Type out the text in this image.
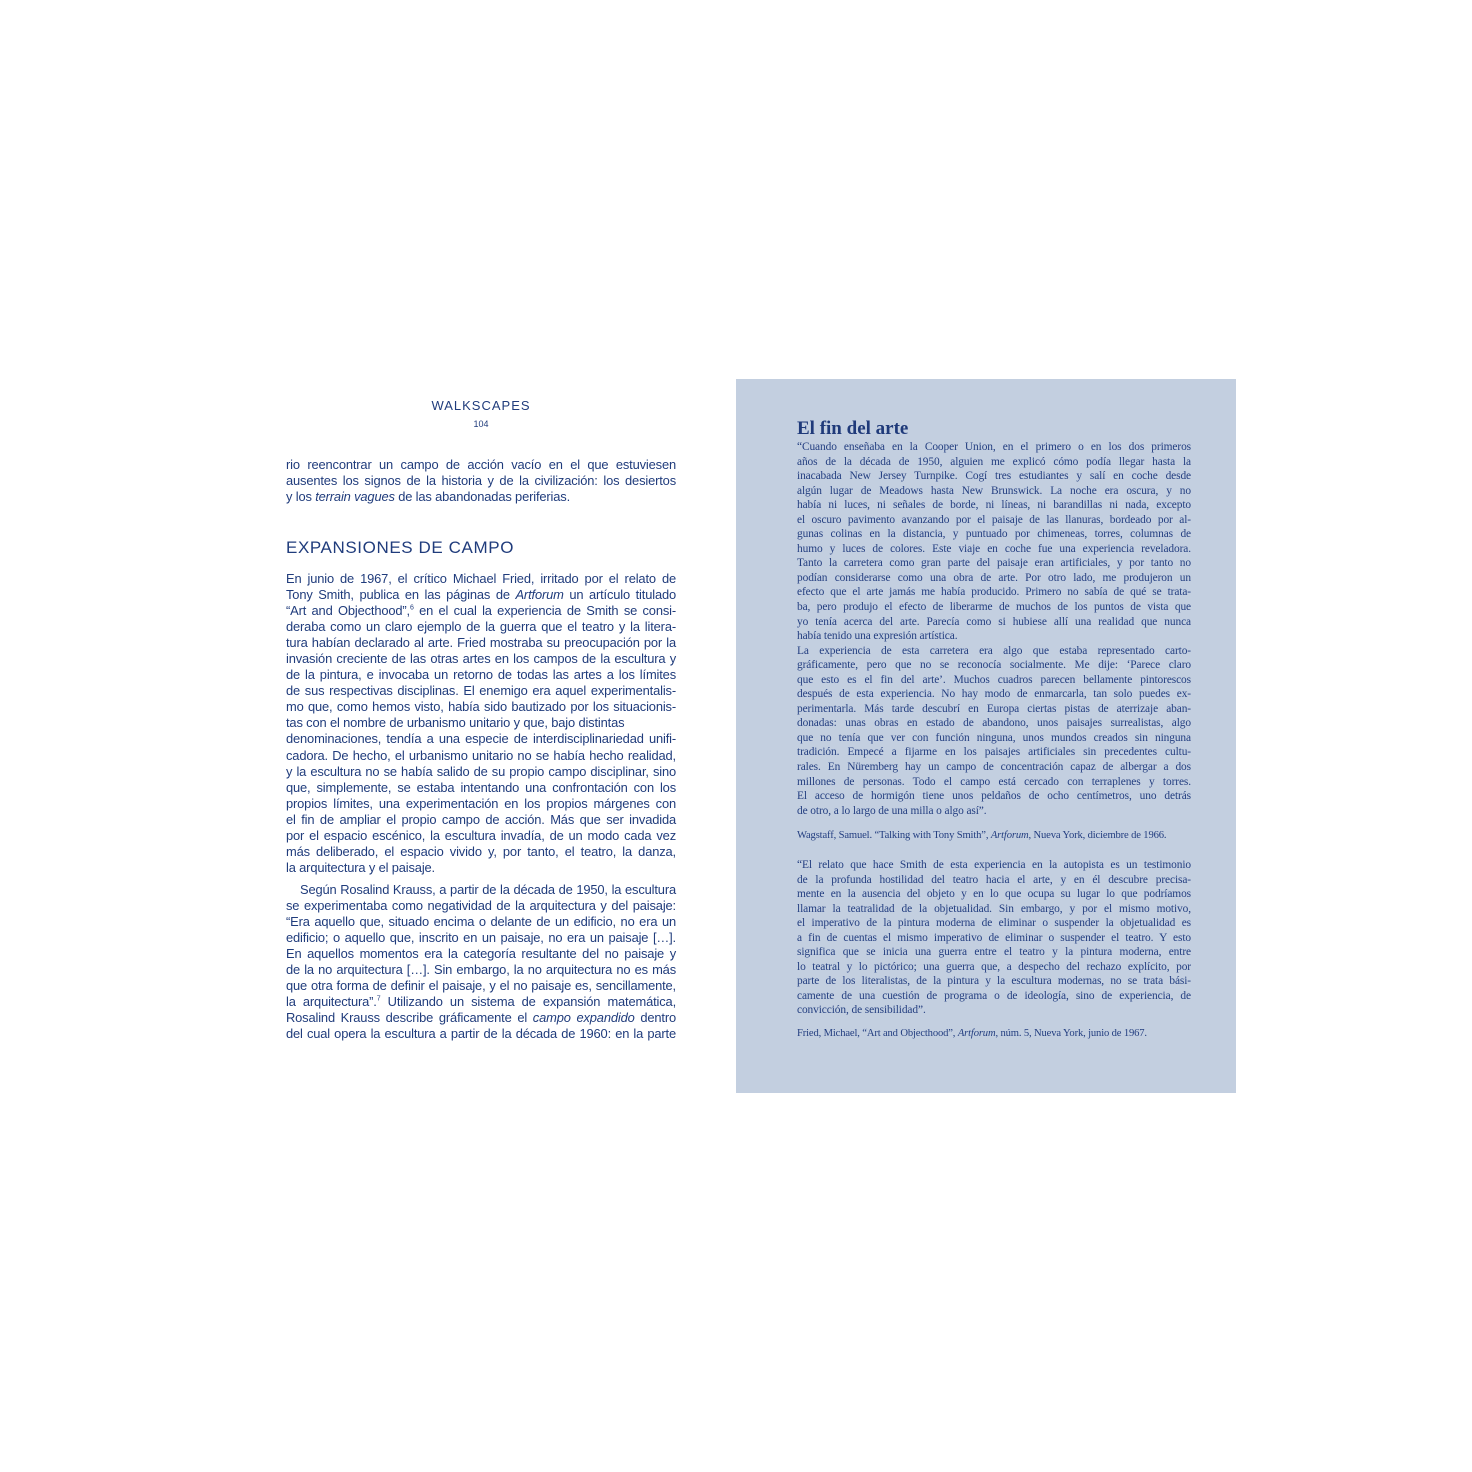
WALKSCAPES
104
rio reencontrar un campo de acción vacío en el que estuviesen
ausentes los signos de la historia y de la civilización: los desiertos
y los terrain vagues de las abandonadas periferias.
EXPANSIONES DE CAMPO
En junio de 1967, el crítico Michael Fried, irritado por el relato de
Tony Smith, publica en las páginas de Artforum un artículo titulado
“Art and Objecthood”,$^6$ en el cual la experiencia de Smith se consi-
deraba como un claro ejemplo de la guerra que el teatro y la litera-
tura habían declarado al arte. Fried mostraba su preocupación por la
invasión creciente de las otras artes en los campos de la escultura y
de la pintura, e invocaba un retorno de todas las artes a los límites
de sus respectivas disciplinas. El enemigo era aquel experimentalis-
mo que, como hemos visto, había sido bautizado por los situacionis-
tas con el nombre de urbanismo unitario y que, bajo distintas
denominaciones, tendía a una especie de interdisciplinariedad unifi-
cadora. De hecho, el urbanismo unitario no se había hecho realidad,
y la escultura no se había salido de su propio campo disciplinar, sino
que, simplemente, se estaba intentando una confrontación con los
propios límites, una experimentación en los propios márgenes con
el fin de ampliar el propio campo de acción. Más que ser invadida
por el espacio escénico, la escultura invadía, de un modo cada vez
más deliberado, el espacio vivido y, por tanto, el teatro, la danza,
la arquitectura y el paisaje.
Según Rosalind Krauss, a partir de la década de 1950, la escultura
se experimentaba como negatividad de la arquitectura y del paisaje:
“Era aquello que, situado encima o delante de un edificio, no era un
edificio; o aquello que, inscrito en un paisaje, no era un paisaje […].
En aquellos momentos era la categoría resultante del no paisaje y
de la no arquitectura […]. Sin embargo, la no arquitectura no es más
que otra forma de definir el paisaje, y el no paisaje es, sencillamente,
la arquitectura”.$^7$ Utilizando un sistema de expansión matemática,
Rosalind Krauss describe gráficamente el campo expandido dentro
del cual opera la escultura a partir de la década de 1960: en la parte
El fin del arte
“Cuando enseñaba en la Cooper Union, en el primero o en los dos primeros
años de la década de 1950, alguien me explicó cómo podía llegar hasta la
inacabada New Jersey Turnpike. Cogí tres estudiantes y salí en coche desde
algún lugar de Meadows hasta New Brunswick. La noche era oscura, y no
había ni luces, ni señales de borde, ni líneas, ni barandillas ni nada, excepto
el oscuro pavimento avanzando por el paisaje de las llanuras, bordeado por al-
gunas colinas en la distancia, y puntuado por chimeneas, torres, columnas de
humo y luces de colores. Este viaje en coche fue una experiencia reveladora.
Tanto la carretera como gran parte del paisaje eran artificiales, y por tanto no
podían considerarse como una obra de arte. Por otro lado, me produjeron un
efecto que el arte jamás me había producido. Primero no sabía de qué se trata-
ba, pero produjo el efecto de liberarme de muchos de los puntos de vista que
yo tenía acerca del arte. Parecía como si hubiese allí una realidad que nunca
había tenido una expresión artística.
La experiencia de esta carretera era algo que estaba representado carto-
gráficamente, pero que no se reconocía socialmente. Me dije: ‘Parece claro
que esto es el fin del arte’. Muchos cuadros parecen bellamente pintorescos
después de esta experiencia. No hay modo de enmarcarla, tan solo puedes ex-
perimentarla. Más tarde descubrí en Europa ciertas pistas de aterrizaje aban-
donadas: unas obras en estado de abandono, unos paisajes surrealistas, algo
que no tenía que ver con función ninguna, unos mundos creados sin ninguna
tradición. Empecé a fijarme en los paisajes artificiales sin precedentes cultu-
rales. En Nüremberg hay un campo de concentración capaz de albergar a dos
millones de personas. Todo el campo está cercado con terraplenes y torres.
El acceso de hormigón tiene unos peldaños de ocho centímetros, uno detrás
de otro, a lo largo de una milla o algo así”.
Wagstaff, Samuel. “Talking with Tony Smith”, Artforum, Nueva York, diciembre de 1966.
“El relato que hace Smith de esta experiencia en la autopista es un testimonio
de la profunda hostilidad del teatro hacia el arte, y en él descubre precisa-
mente en la ausencia del objeto y en lo que ocupa su lugar lo que podríamos
llamar la teatralidad de la objetualidad. Sin embargo, y por el mismo motivo,
el imperativo de la pintura moderna de eliminar o suspender la objetualidad es
a fin de cuentas el mismo imperativo de eliminar o suspender el teatro. Y esto
significa que se inicia una guerra entre el teatro y la pintura moderna, entre
lo teatral y lo pictórico; una guerra que, a despecho del rechazo explícito, por
parte de los literalistas, de la pintura y la escultura modernas, no se trata bási-
camente de una cuestión de programa o de ideología, sino de experiencia, de
convicción, de sensibilidad”.
Fried, Michael, “Art and Objecthood”, Artforum, núm. 5, Nueva York, junio de 1967.
